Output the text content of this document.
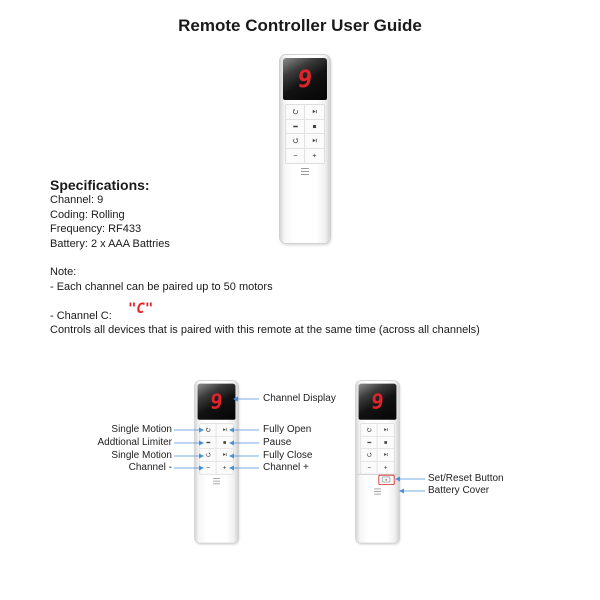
Remote Controller User Guide
9
Specifications:
Channel: 9
Coding: Rolling
Frequency: RF433
Battery: 2 x AAA Battries
Note:
- Each channel can be paired up to 50 motors
- Channel C: "C"
Controls all devices that is paired with this remote at the same time (across all channels)
9	9
Single Motion
Addtional Limiter
Single Motion
Channel -
Channel Display
Fully Open
Pause
Fully Close
Channel +
Set/Reset Button
Battery Cover
